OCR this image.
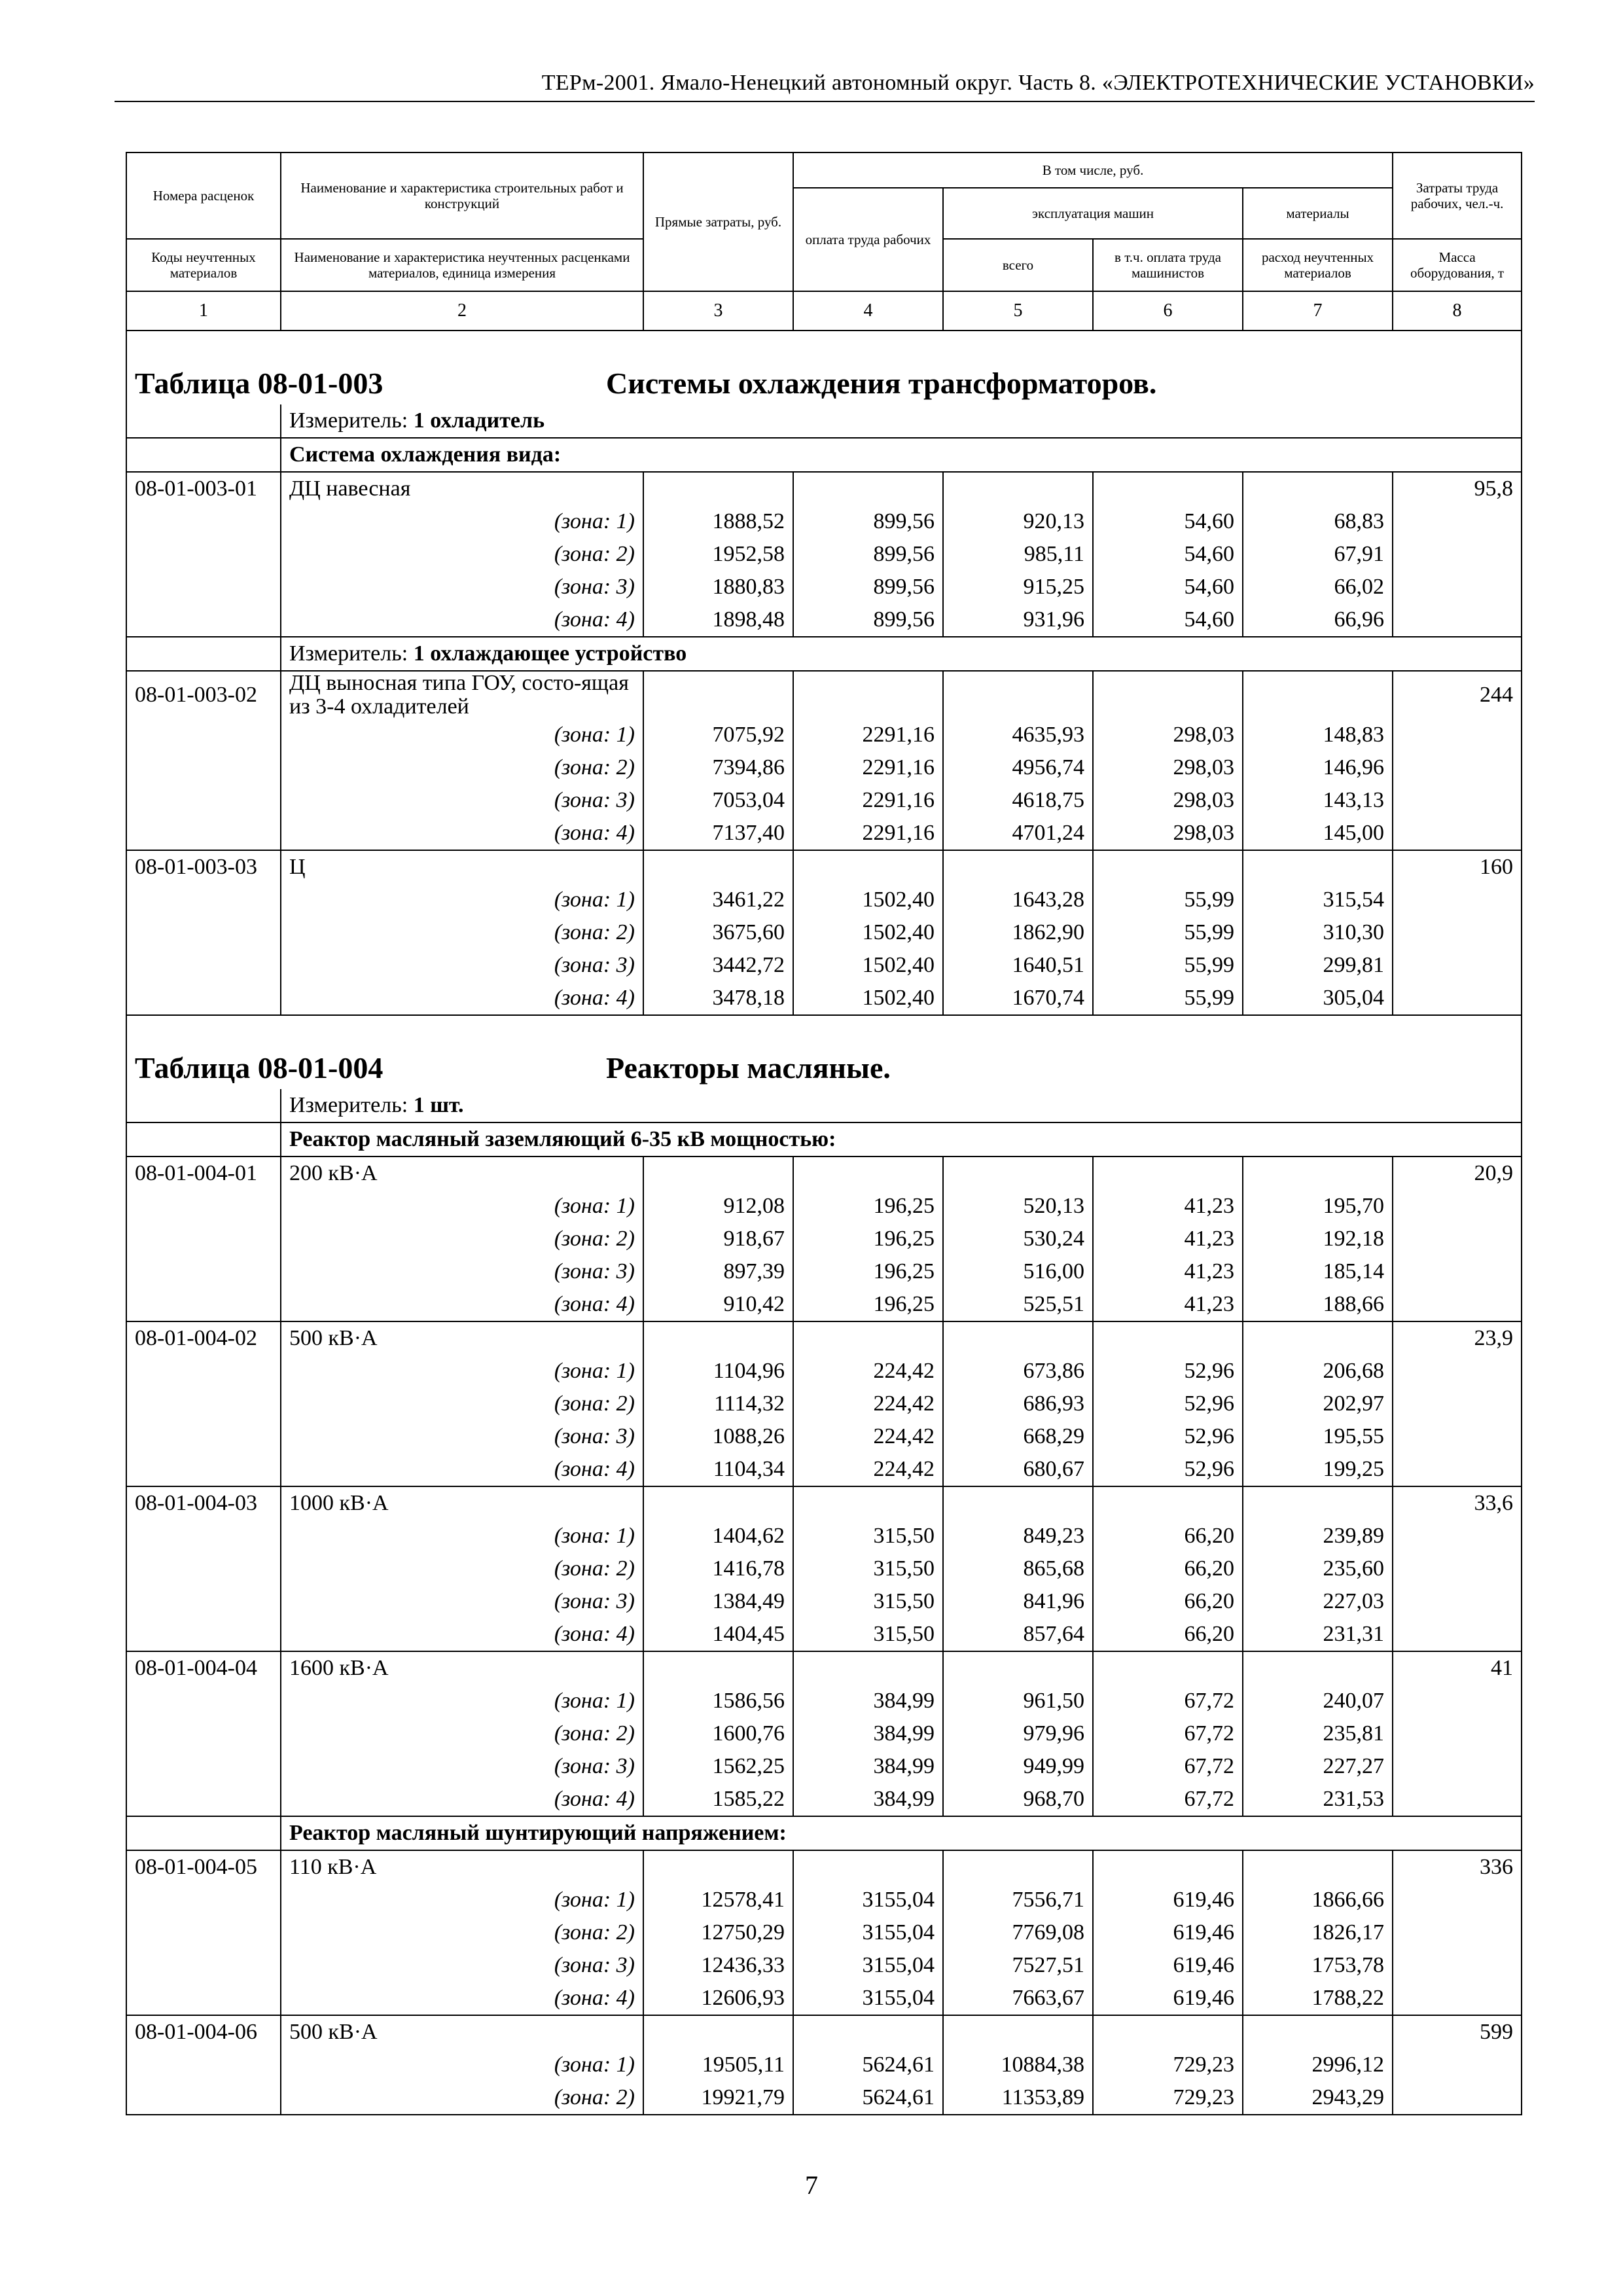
ТЕРм-2001. Ямало-Ненецкий автономный округ. Часть 8. «ЭЛЕКТРОТЕХНИЧЕСКИЕ УСТАНОВКИ»
Номера расценок	Наименование и характеристика строительных работ и конструкций	Прямые затраты, руб.	В том числе, руб.				Затраты труда рабочих, чел.-ч.
			оплата труда рабочих	эксплуатация машин		материалы	
Коды неучтенных материалов	Наименование и характеристика неучтенных расценками материалов, единица измерения			всего	в т.ч. оплата труда машинистов	расход неучтенных материалов	Масса оборудования, т
1	2	3	4	5	6	7	8
Таблица 08-01-003 Системы охлаждения трансформаторов.							
	Измеритель: 1 охладитель						
	Система охлаждения вида:						
08-01-003-01	ДЦ навесная						95,8
	(зона: 1)	1888,52	899,56	920,13	54,60	68,83	
	(зона: 2)	1952,58	899,56	985,11	54,60	67,91	
	(зона: 3)	1880,83	899,56	915,25	54,60	66,02	
	(зона: 4)	1898,48	899,56	931,96	54,60	66,96	
	Измеритель: 1 охлаждающее устройство						
08-01-003-02	ДЦ выносная типа ГОУ, состо-ящая из 3-4 охладителей						244
	(зона: 1)	7075,92	2291,16	4635,93	298,03	148,83	
	(зона: 2)	7394,86	2291,16	4956,74	298,03	146,96	
	(зона: 3)	7053,04	2291,16	4618,75	298,03	143,13	
	(зона: 4)	7137,40	2291,16	4701,24	298,03	145,00	
08-01-003-03	Ц						160
	(зона: 1)	3461,22	1502,40	1643,28	55,99	315,54	
	(зона: 2)	3675,60	1502,40	1862,90	55,99	310,30	
	(зона: 3)	3442,72	1502,40	1640,51	55,99	299,81	
	(зона: 4)	3478,18	1502,40	1670,74	55,99	305,04	
Таблица 08-01-004 Реакторы масляные.							
	Измеритель: 1 шт.						
	Реактор масляный заземляющий 6-35 кВ мощностью:						
08-01-004-01	200 кВ·А						20,9
	(зона: 1)	912,08	196,25	520,13	41,23	195,70	
	(зона: 2)	918,67	196,25	530,24	41,23	192,18	
	(зона: 3)	897,39	196,25	516,00	41,23	185,14	
	(зона: 4)	910,42	196,25	525,51	41,23	188,66	
08-01-004-02	500 кВ·А						23,9
	(зона: 1)	1104,96	224,42	673,86	52,96	206,68	
	(зона: 2)	1114,32	224,42	686,93	52,96	202,97	
	(зона: 3)	1088,26	224,42	668,29	52,96	195,55	
	(зона: 4)	1104,34	224,42	680,67	52,96	199,25	
08-01-004-03	1000 кВ·А						33,6
	(зона: 1)	1404,62	315,50	849,23	66,20	239,89	
	(зона: 2)	1416,78	315,50	865,68	66,20	235,60	
	(зона: 3)	1384,49	315,50	841,96	66,20	227,03	
	(зона: 4)	1404,45	315,50	857,64	66,20	231,31	
08-01-004-04	1600 кВ·А						41
	(зона: 1)	1586,56	384,99	961,50	67,72	240,07	
	(зона: 2)	1600,76	384,99	979,96	67,72	235,81	
	(зона: 3)	1562,25	384,99	949,99	67,72	227,27	
	(зона: 4)	1585,22	384,99	968,70	67,72	231,53	
	Реактор масляный шунтирующий напряжением:						
08-01-004-05	110 кВ·А						336
	(зона: 1)	12578,41	3155,04	7556,71	619,46	1866,66	
	(зона: 2)	12750,29	3155,04	7769,08	619,46	1826,17	
	(зона: 3)	12436,33	3155,04	7527,51	619,46	1753,78	
	(зона: 4)	12606,93	3155,04	7663,67	619,46	1788,22	
08-01-004-06	500 кВ·А						599
	(зона: 1)	19505,11	5624,61	10884,38	729,23	2996,12	
	(зона: 2)	19921,79	5624,61	11353,89	729,23	2943,29	
7
